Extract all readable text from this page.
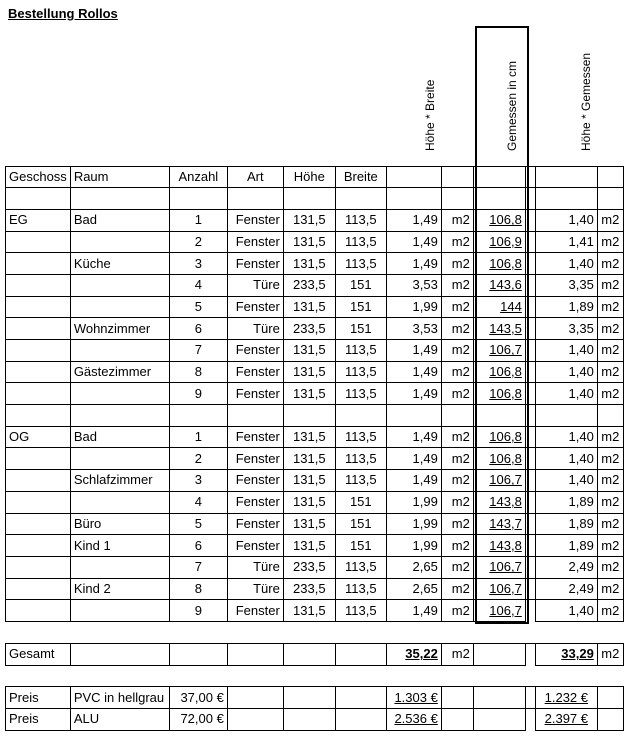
Bestellung Rollos
Höhe * Breite	Gemessen in cm	Höhe * Gemessen

Geschoss	Raum	Anzahl	Art	Höhe	Breite						

EG	Bad	1	Fenster	131,5	113,5	1,49	m2	106,8		1,40	m2
		2	Fenster	131,5	113,5	1,49	m2	106,9		1,41	m2
	Küche	3	Fenster	131,5	113,5	1,49	m2	106,8		1,40	m2
		4	Türe	233,5	151	3,53	m2	143,6		3,35	m2
		5	Fenster	131,5	151	1,99	m2	144		1,89	m2
	Wohnzimmer	6	Türe	233,5	151	3,53	m2	143,5		3,35	m2
		7	Fenster	131,5	113,5	1,49	m2	106,7		1,40	m2
	Gästezimmer	8	Fenster	131,5	113,5	1,49	m2	106,8		1,40	m2
		9	Fenster	131,5	113,5	1,49	m2	106,8		1,40	m2

OG	Bad	1	Fenster	131,5	113,5	1,49	m2	106,8		1,40	m2
		2	Fenster	131,5	113,5	1,49	m2	106,8		1,40	m2
	Schlafzimmer	3	Fenster	131,5	113,5	1,49	m2	106,7		1,40	m2
		4	Fenster	131,5	151	1,99	m2	143,8		1,89	m2
	Büro	5	Fenster	131,5	151	1,99	m2	143,7		1,89	m2
	Kind 1	6	Fenster	131,5	151	1,99	m2	143,8		1,89	m2
		7	Türe	233,5	113,5	2,65	m2	106,7		2,49	m2
	Kind 2	8	Türe	233,5	113,5	2,65	m2	106,7		2,49	m2
		9	Fenster	131,5	113,5	1,49	m2	106,7		1,40	m2

Gesamt						35,22	m2			33,29	m2

Preis	PVC in hellgrau	37,00 €				1.303 €				1.232 €	
Preis	ALU	72,00 €				2.536 €				2.397 €	
